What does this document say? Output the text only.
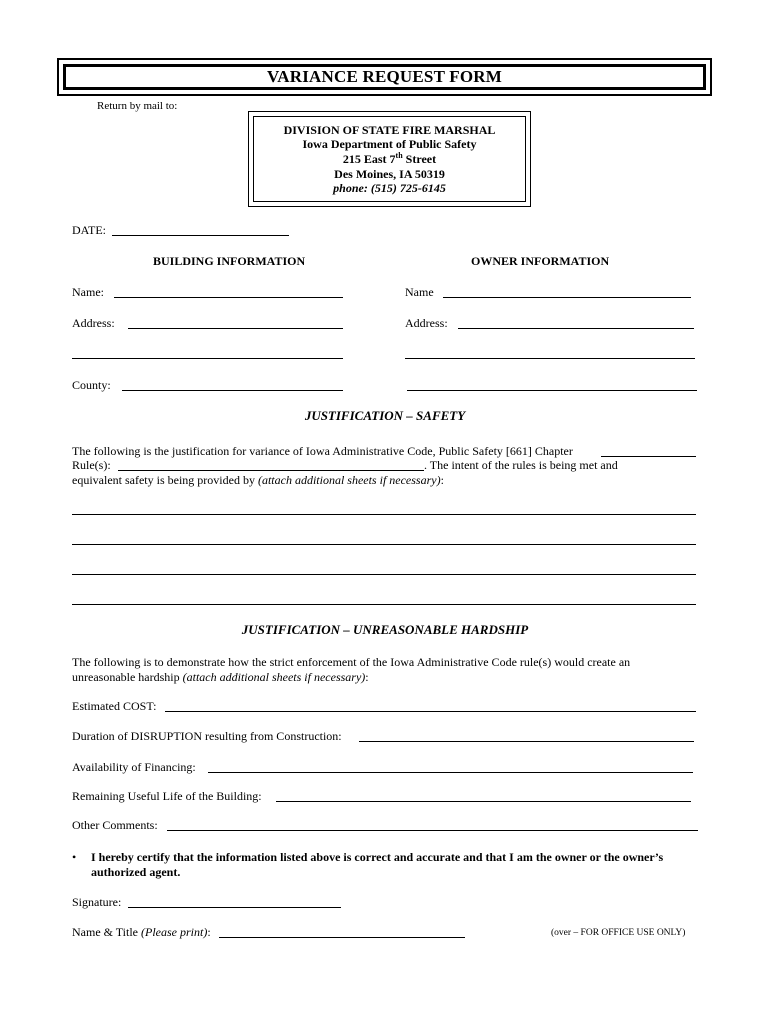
VARIANCE REQUEST FORM
Return by mail to:
DIVISION OF STATE FIRE MARSHAL
Iowa Department of Public Safety
215 East 7th Street
Des Moines, IA 50319
phone: (515) 725-6145
DATE:
BUILDING INFORMATION	OWNER INFORMATION
Name:	Name
Address:	Address:
County:
JUSTIFICATION – SAFETY
The following is the justification for variance of Iowa Administrative Code, Public Safety [661] Chapter
Rule(s):	. The intent of the rules is being met and
equivalent safety is being provided by (attach additional sheets if necessary):
JUSTIFICATION – UNREASONABLE HARDSHIP
The following is to demonstrate how the strict enforcement of the Iowa Administrative Code rule(s) would create an
unreasonable hardship (attach additional sheets if necessary):
Estimated COST:
Duration of DISRUPTION resulting from Construction:
Availability of Financing:
Remaining Useful Life of the Building:
Other Comments:
• I hereby certify that the information listed above is correct and accurate and that I am the owner or the owner’s
authorized agent.
Signature:
Name & Title (Please print):	(over – FOR OFFICE USE ONLY)
